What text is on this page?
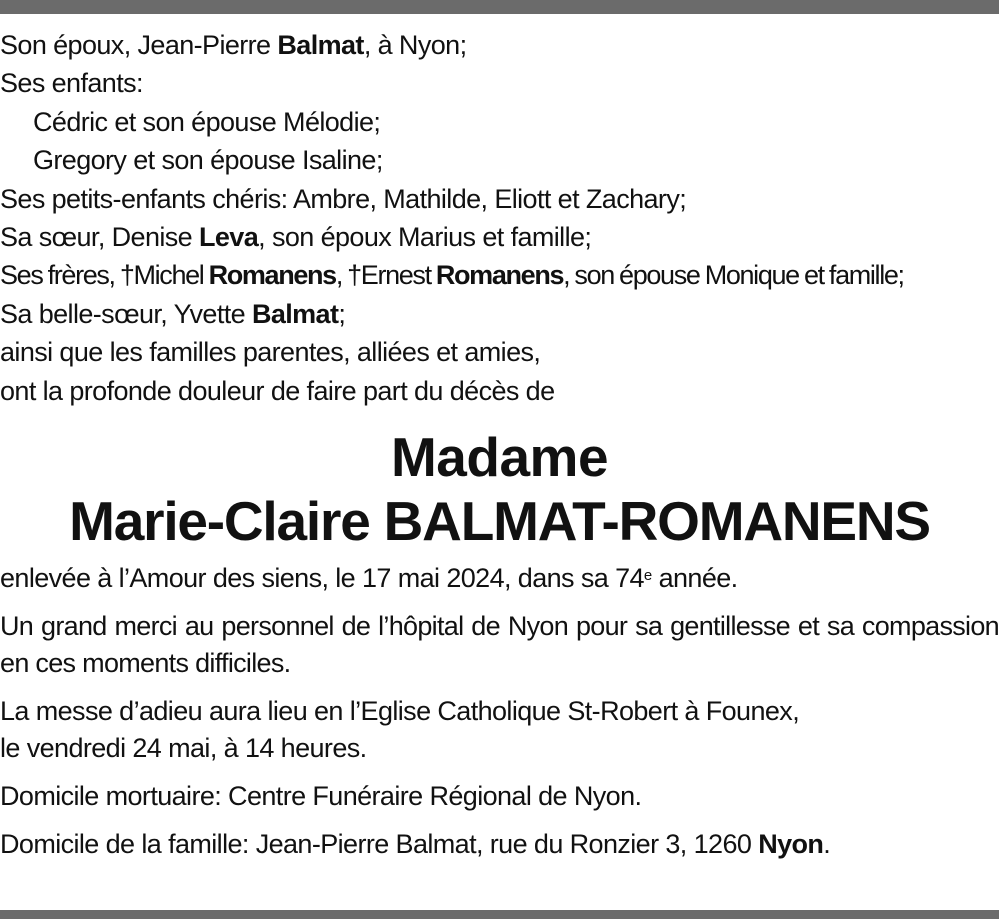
Son époux, Jean-Pierre Balmat, à Nyon;
Ses enfants:
Cédric et son épouse Mélodie;
Gregory et son épouse Isaline;
Ses petits-enfants chéris: Ambre, Mathilde, Eliott et Zachary;
Sa sœur, Denise Leva, son époux Marius et famille;
Ses frères, †Michel Romanens, †Ernest Romanens, son épouse Monique et famille;
Sa belle-sœur, Yvette Balmat;
ainsi que les familles parentes, alliées et amies,
ont la profonde douleur de faire part du décès de
Madame
Marie-Claire BALMAT-ROMANENS
enlevée à l’Amour des siens, le 17 mai 2024, dans sa 74e année.
Un grand merci au personnel de l’hôpital de Nyon pour sa gentillesse et sa compassion en ces moments difficiles.
La messe d’adieu aura lieu en l’Eglise Catholique St-Robert à Founex,
le vendredi 24 mai, à 14 heures.
Domicile mortuaire: Centre Funéraire Régional de Nyon.
Domicile de la famille: Jean-Pierre Balmat, rue du Ronzier 3, 1260 Nyon.
